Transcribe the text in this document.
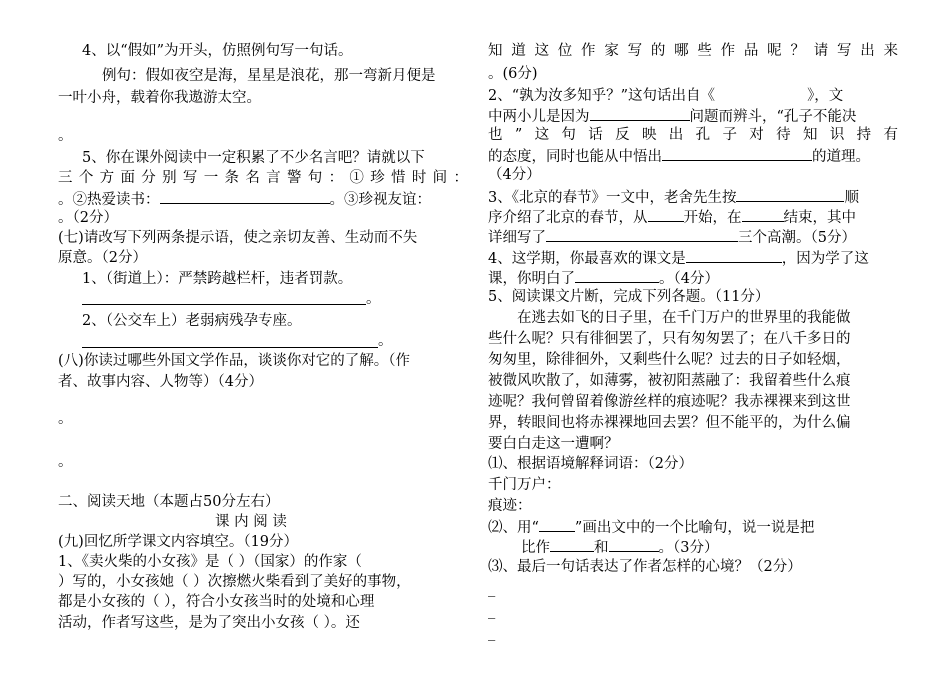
4、以“假如”为开头，仿照例句写一句话。
例句：假如夜空是海，星星是浪花，那一弯新月便是
一叶小舟，载着你我遨游太空。
。
5、你在课外阅读中一定积累了不少名言吧？请就以下
三个方面分别写一条名言警句：①珍惜时间：
。②热爱读书：	。③珍视友谊：
。（2分）
(七)请改写下列两条提示语，使之亲切友善、生动而不失
原意。（2分）
1、（街道上）：严禁跨越栏杆，违者罚款。
。
2、（公交车上）老弱病残孕专座。
。
(八)你读过哪些外国文学作品，谈谈你对它的了解。（作
者、故事内容、人物等）（4分）
。
。
二、阅读天地（本题占50分左右）
课 内 阅 读
(九)回忆所学课文内容填空。（19分）
1、《卖火柴的小女孩》是（ ）（国家）的作家（
）写的，小女孩她（ ）次擦燃火柴看到了美好的事物，
都是小女孩的（ ），符合小女孩当时的处境和心理
活动，作者写这些，是为了突出小女孩（ ）。还
知道这位作家写的哪些作品呢？请写出来
。(6分)
2、“孰为汝多知乎？”这句话出自《	》，文
中两小儿是因为	问题而辨斗，“孔子不能决
也”这句话反映出孔子对待知识持有
的态度，同时也能从中悟出	的道理。
（4分）
3、《北京的春节》一文中，老舍先生按	顺
序介绍了北京的春节，从 开始，在	结束，其中
详细写了	三个高潮。（5分）
4、这学期，你最喜欢的课文是	，因为学了这
课，你明白了	。（4分）
5、阅读课文片断，完成下列各题。（11分）
在逃去如飞的日子里，在千门万户的世界里的我能做
些什么呢？只有徘徊罢了，只有匆匆罢了；在八千多日的
匆匆里，除徘徊外，又剩些什么呢？过去的日子如轻烟，
被微风吹散了，如薄雾，被初阳蒸融了：我留着些什么痕
迹呢？我何曾留着像游丝样的痕迹呢？我赤裸裸来到这世
界，转眼间也将赤裸裸地回去罢？但不能平的，为什么偏
要白白走这一遭啊？
⑴、根据语境解释词语：（2分）
千门万户：
痕迹：
⑵、用“ ”画出文中的一个比喻句，说一说是把
比作	和	。（3分）
⑶、最后一句话表达了作者怎样的心境？（2分）
_
_
_
